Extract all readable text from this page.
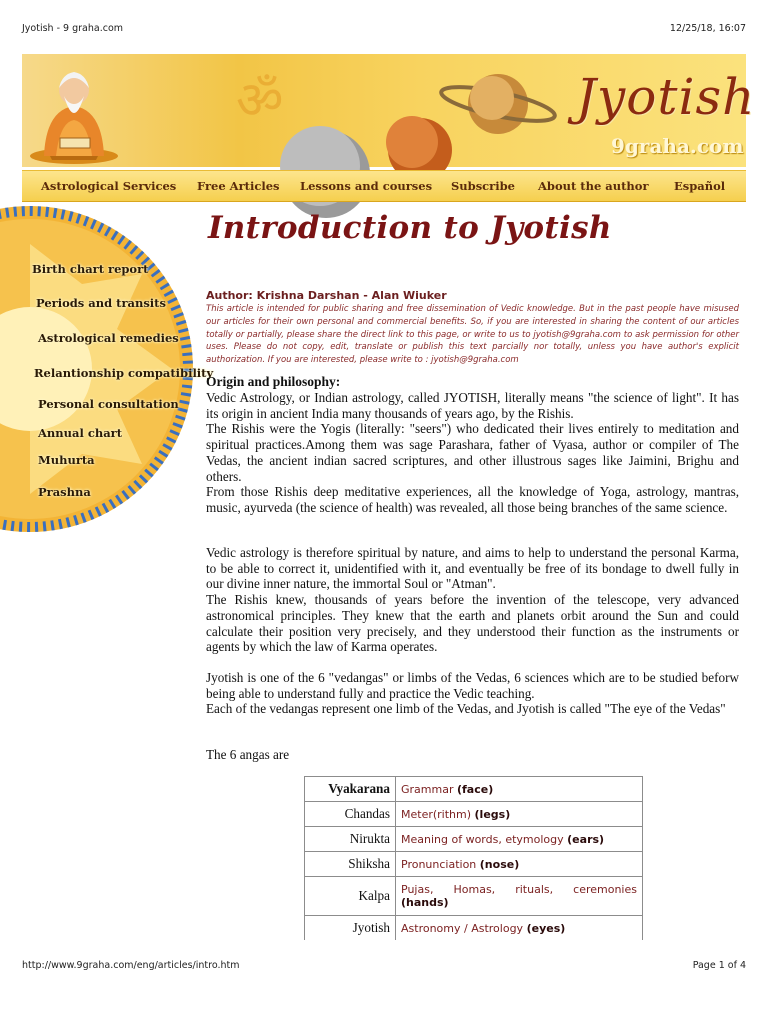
Jyotish - 9 graha.com	12/25/18, 16:07
ॐ	Jyotish
9graha.com
Astrological Services Free Articles Lessons and courses Subscribe About the author Español
Birth chart report
Periods and transits
Astrological remedies
Relantionship compatibility
Personal consultation
Annual chart
Muhurta
Prashna
Introduction to Jyotish
Author: Krishna Darshan - Alan Wiuker
This article is intended for public sharing and free dissemination of Vedic knowledge. But in the past people have misused our articles for their own personal and commercial benefits. So, if you are interested in sharing the content of our articles totally or partially, please share the direct link to this page, or write to us to jyotish@9graha.com to ask permission for other uses. Please do not copy, edit, translate or publish this text parcially nor totally, unless you have author's explicit authorization. If you are interested, please write to : jyotish@9graha.com
Origin and philosophy:

Vedic Astrology, or Indian astrology, called JYOTISH, literally means "the science of light". It has its origin in ancient India many thousands of years ago, by the Rishis.

The Rishis were the Yogis (literally: "seers") who dedicated their lives entirely to meditation and spiritual practices.Among them was sage Parashara, father of Vyasa, author or compiler of The Vedas, the ancient indian sacred scriptures, and other illustrous sages like Jaimini, Brighu and others.

From those Rishis deep meditative experiences, all the knowledge of Yoga, astrology, mantras, music, ayurveda (the science of health) was revealed, all those being branches of the same science.

Vedic astrology is therefore spiritual by nature, and aims to help to understand the personal Karma, to be able to correct it, unidentified with it, and eventually be free of its bondage to dwell fully in our divine inner nature, the immortal Soul or "Atman".

The Rishis knew, thousands of years before the invention of the telescope, very advanced astronomical principles. They knew that the earth and planets orbit around the Sun and could calculate their position very precisely, and they understood their function as the instruments or agents by which the law of Karma operates.

Jyotish is one of the 6 "vedangas" or limbs of the Vedas, 6 sciences which are to be studied beforw being able to understand fully and practice the Vedic teaching.

Each of the vedangas represent one limb of the Vedas, and Jyotish is called "The eye of the Vedas"

The 6 angas are
Vyakarana	Grammar (face)
Chandas	Meter(rithm) (legs)
Nirukta	Meaning of words, etymology (ears)
Shiksha	Pronunciation (nose)
Kalpa	Pujas, Homas, rituals, ceremonies
(hands)
Jyotish	Astronomy / Astrology (eyes)
http://www.9graha.com/eng/articles/intro.htm	Page 1 of 4
